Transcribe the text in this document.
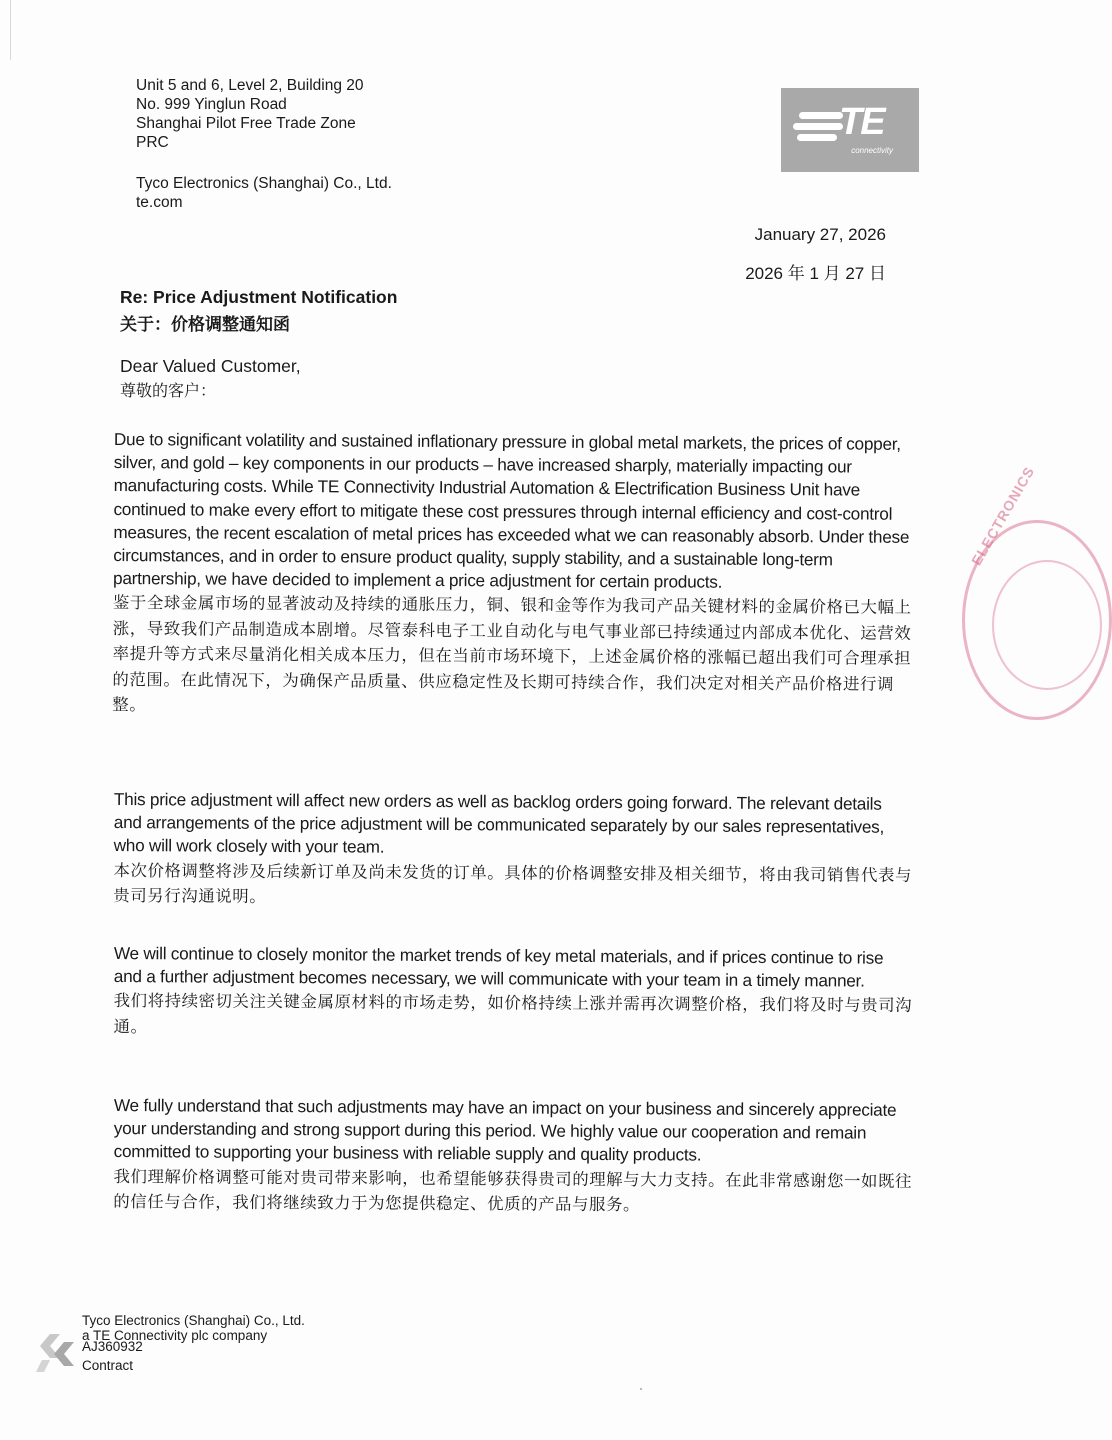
Unit 5 and 6, Level 2, Building 20
No. 999 Yinglun Road
Shanghai Pilot Free Trade Zone
PRC
Tyco Electronics (Shanghai) Co., Ltd.
te.com
TE
connectivity
January 27, 2026
2026 年 1 月 27 日
Re: Price Adjustment Notification
关于：价格调整通知函
Dear Valued Customer,
尊敬的客户：
Due to significant volatility and sustained inflationary pressure in global metal markets, the prices of copper, silver, and gold – key components in our products – have increased sharply, materially impacting our manufacturing costs. While TE Connectivity Industrial Automation & Electrification Business Unit have continued to make every effort to mitigate these cost pressures through internal efficiency and cost-control measures, the recent escalation of metal prices has exceeded what we can reasonably absorb. Under these circumstances, and in order to ensure product quality, supply stability, and a sustainable long-term partnership, we have decided to implement a price adjustment for certain products.
鉴于全球金属市场的显著波动及持续的通胀压力，铜、银和金等作为我司产品关键材料的金属价格已大幅上涨，导致我们产品制造成本剧增。尽管泰科电子工业自动化与电气事业部已持续通过内部成本优化、运营效率提升等方式来尽量消化相关成本压力，但在当前市场环境下，上述金属价格的涨幅已超出我们可合理承担的范围。在此情况下，为确保产品质量、供应稳定性及长期可持续合作，我们决定对相关产品价格进行调整。
This price adjustment will affect new orders as well as backlog orders going forward. The relevant details and arrangements of the price adjustment will be communicated separately by our sales representatives, who will work closely with your team.
本次价格调整将涉及后续新订单及尚未发货的订单。具体的价格调整安排及相关细节，将由我司销售代表与贵司另行沟通说明。
We will continue to closely monitor the market trends of key metal materials, and if prices continue to rise and a further adjustment becomes necessary, we will communicate with your team in a timely manner.
我们将持续密切关注关键金属原材料的市场走势，如价格持续上涨并需再次调整价格，我们将及时与贵司沟通。
We fully understand that such adjustments may have an impact on your business and sincerely appreciate your understanding and strong support during this period. We highly value our cooperation and remain committed to supporting your business with reliable supply and quality products.
我们理解价格调整可能对贵司带来影响，也希望能够获得贵司的理解与大力支持。在此非常感谢您一如既往的信任与合作，我们将继续致力于为您提供稳定、优质的产品与服务。
Tyco Electronics (Shanghai) Co., Ltd.
a TE Connectivity plc company
AJ360932
Contract
ELECTRONICS
